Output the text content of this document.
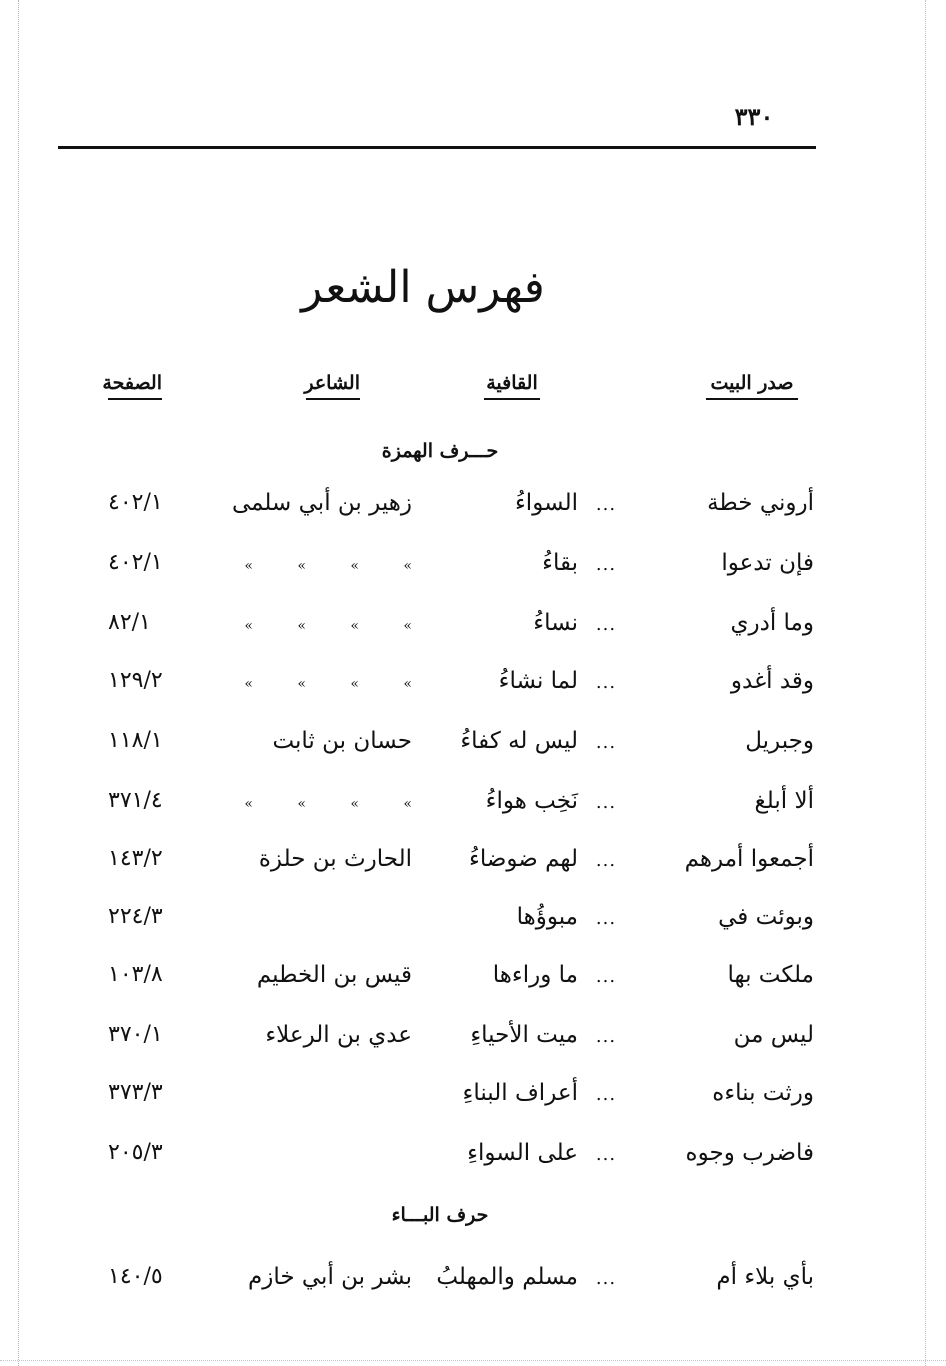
٣٣٠
فهرس الشعر
صدر البيت
القافية
الشاعر
الصفحة
حـــرف الهمزة
أروني خطة
...
السواءُ
زهير بن أبي سلمى
٤٠٢/١
فإن تدعوا
...
بقاءُ
» » » »
٤٠٢/١
وما أدري
...
نساءُ
» » » »
٨٢/١
وقد أغدو
...
لما نشاءُ
» » » »
١٢٩/٢
وجبريل
...
ليس له كفاءُ
حسان بن ثابت
١١٨/١
ألا أبلغ
...
نَخِب هواءُ
» » » »
٣٧١/٤
أجمعوا أمرهم
...
لهم ضوضاءُ
الحارث بن حلزة
١٤٣/٢
وبوئت في
...
مبوؤُها
٢٢٤/٣
ملكت بها
...
ما وراءها
قيس بن الخطيم
١٠٣/٨
ليس من
...
ميت الأحياءِ
عدي بن الرعلاء
٣٧٠/١
ورثت بناءه
...
أعراف البناءِ
٣٧٣/٣
فاضرب وجوه
...
على السواءِ
٢٠٥/٣
حرف البـــاء
بأي بلاء أم
...
مسلم والمهلبُ
بشر بن أبي خازم
١٤٠/٥
